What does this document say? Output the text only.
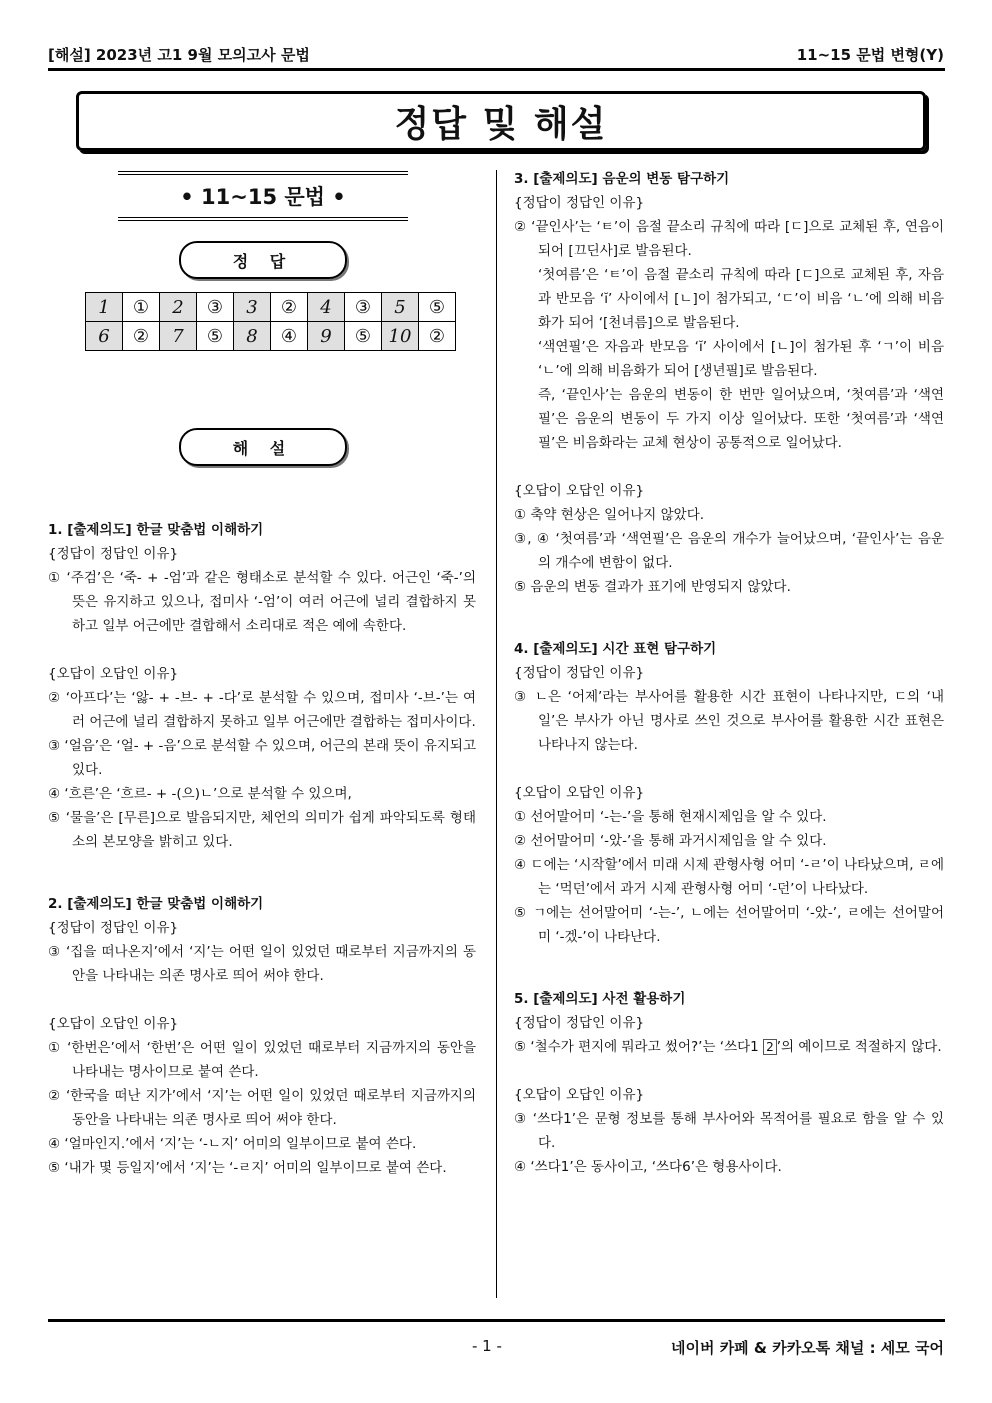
[해설] 2023년 고1 9월 모의고사 문법	11~15 문법 변형(Y)
정답 및 해설
• 11~15 문법 •
정 답
1	①	2	③	3	②	4	③	5	⑤
6	②	7	⑤	8	④	9	⑤	10	②
해 설
1. [출제의도] 한글 맞춤법 이해하기
{정답이 정답인 이유}
① ‘주검’은 ‘죽- + -엄’과 같은 형태소로 분석할 수 있다. 어근인 ‘죽-’의 뜻은 유지하고 있으나, 접미사 ‘-엄’이 여러 어근에 널리 결합하지 못하고 일부 어근에만 결합해서 소리대로 적은 예에 속한다.
{오답이 오답인 이유}
② ‘아프다’는 ‘앓- + -브- + -다’로 분석할 수 있으며, 접미사 ‘-브-’는 여러 어근에 널리 결합하지 못하고 일부 어근에만 결합하는 접미사이다.
③ ‘얼음’은 ‘얼- + -음’으로 분석할 수 있으며, 어근의 본래 뜻이 유지되고 있다.
④ ‘흐른’은 ‘흐르- + -(으)ㄴ’으로 분석할 수 있으며,
⑤ ‘물을’은 [무른]으로 발음되지만, 체언의 의미가 쉽게 파악되도록 형태소의 본모양을 밝히고 있다.
2. [출제의도] 한글 맞춤법 이해하기
{정답이 정답인 이유}
③ ‘집을 떠나온지’에서 ‘지’는 어떤 일이 있었던 때로부터 지금까지의 동안을 나타내는 의존 명사로 띄어 써야 한다.
{오답이 오답인 이유}
① ‘한번은’에서 ‘한번’은 어떤 일이 있었던 때로부터 지금까지의 동안을 나타내는 명사이므로 붙여 쓴다.
② ‘한국을 떠난 지가’에서 ‘지’는 어떤 일이 있었던 때로부터 지금까지의 동안을 나타내는 의존 명사로 띄어 써야 한다.
④ ‘얼마인지.’에서 ‘지’는 ‘-ㄴ지’ 어미의 일부이므로 붙여 쓴다.
⑤ ‘내가 몇 등일지’에서 ‘지’는 ‘-ㄹ지’ 어미의 일부이므로 붙여 쓴다.
3. [출제의도] 음운의 변동 탐구하기
{정답이 정답인 이유}
② ‘끝인사’는 ‘ㅌ’이 음절 끝소리 규칙에 따라 [ㄷ]으로 교체된 후, 연음이 되어 [끄딘사]로 발음된다.
‘첫여름’은 ‘ㅌ’이 음절 끝소리 규칙에 따라 [ㄷ]으로 교체된 후, 자음과 반모음 ‘ĭ’ 사이에서 [ㄴ]이 첨가되고, ‘ㄷ’이 비음 ‘ㄴ’에 의해 비음화가 되어 ‘[천녀름]으로 발음된다.
‘색연필’은 자음과 반모음 ‘ĭ’ 사이에서 [ㄴ]이 첨가된 후 ‘ㄱ’이 비음 ‘ㄴ’에 의해 비음화가 되어 [생년필]로 발음된다.
즉, ‘끝인사’는 음운의 변동이 한 번만 일어났으며, ‘첫여름’과 ‘색연필’은 음운의 변동이 두 가지 이상 일어났다. 또한 ‘첫여름’과 ‘색연필’은 비음화라는 교체 현상이 공통적으로 일어났다.
{오답이 오답인 이유}
① 축약 현상은 일어나지 않았다.
③, ④ ‘첫여름’과 ‘색연필’은 음운의 개수가 늘어났으며, ‘끝인사’는 음운의 개수에 변함이 없다.
⑤ 음운의 변동 결과가 표기에 반영되지 않았다.
4. [출제의도] 시간 표현 탐구하기
{정답이 정답인 이유}
③ ㄴ은 ‘어제’라는 부사어를 활용한 시간 표현이 나타나지만, ㄷ의 ‘내일’은 부사가 아닌 명사로 쓰인 것으로 부사어를 활용한 시간 표현은 나타나지 않는다.
{오답이 오답인 이유}
① 선어말어미 ‘-는-’을 통해 현재시제임을 알 수 있다.
② 선어말어미 ‘-았-’을 통해 과거시제임을 알 수 있다.
④ ㄷ에는 ‘시작할’에서 미래 시제 관형사형 어미 ‘-ㄹ’이 나타났으며, ㄹ에는 ‘먹던’에서 과거 시제 관형사형 어미 ‘-던’이 나타났다.
⑤ ㄱ에는 선어말어미 ‘-는-’, ㄴ에는 선어말어미 ‘-았-’, ㄹ에는 선어말어미 ‘-겠-’이 나타난다.
5. [출제의도] 사전 활용하기
{정답이 정답인 이유}
⑤ ‘철수가 편지에 뭐라고 썼어?’는 ‘쓰다1 2 ’의 예이므로 적절하지 않다.
{오답이 오답인 이유}
③ ‘쓰다1’은 문형 정보를 통해 부사어와 목적어를 필요로 함을 알 수 있다.
④ ‘쓰다1’은 동사이고, ‘쓰다6’은 형용사이다.
- 1 -	네이버 카페 & 카카오톡 채널 : 세모 국어
